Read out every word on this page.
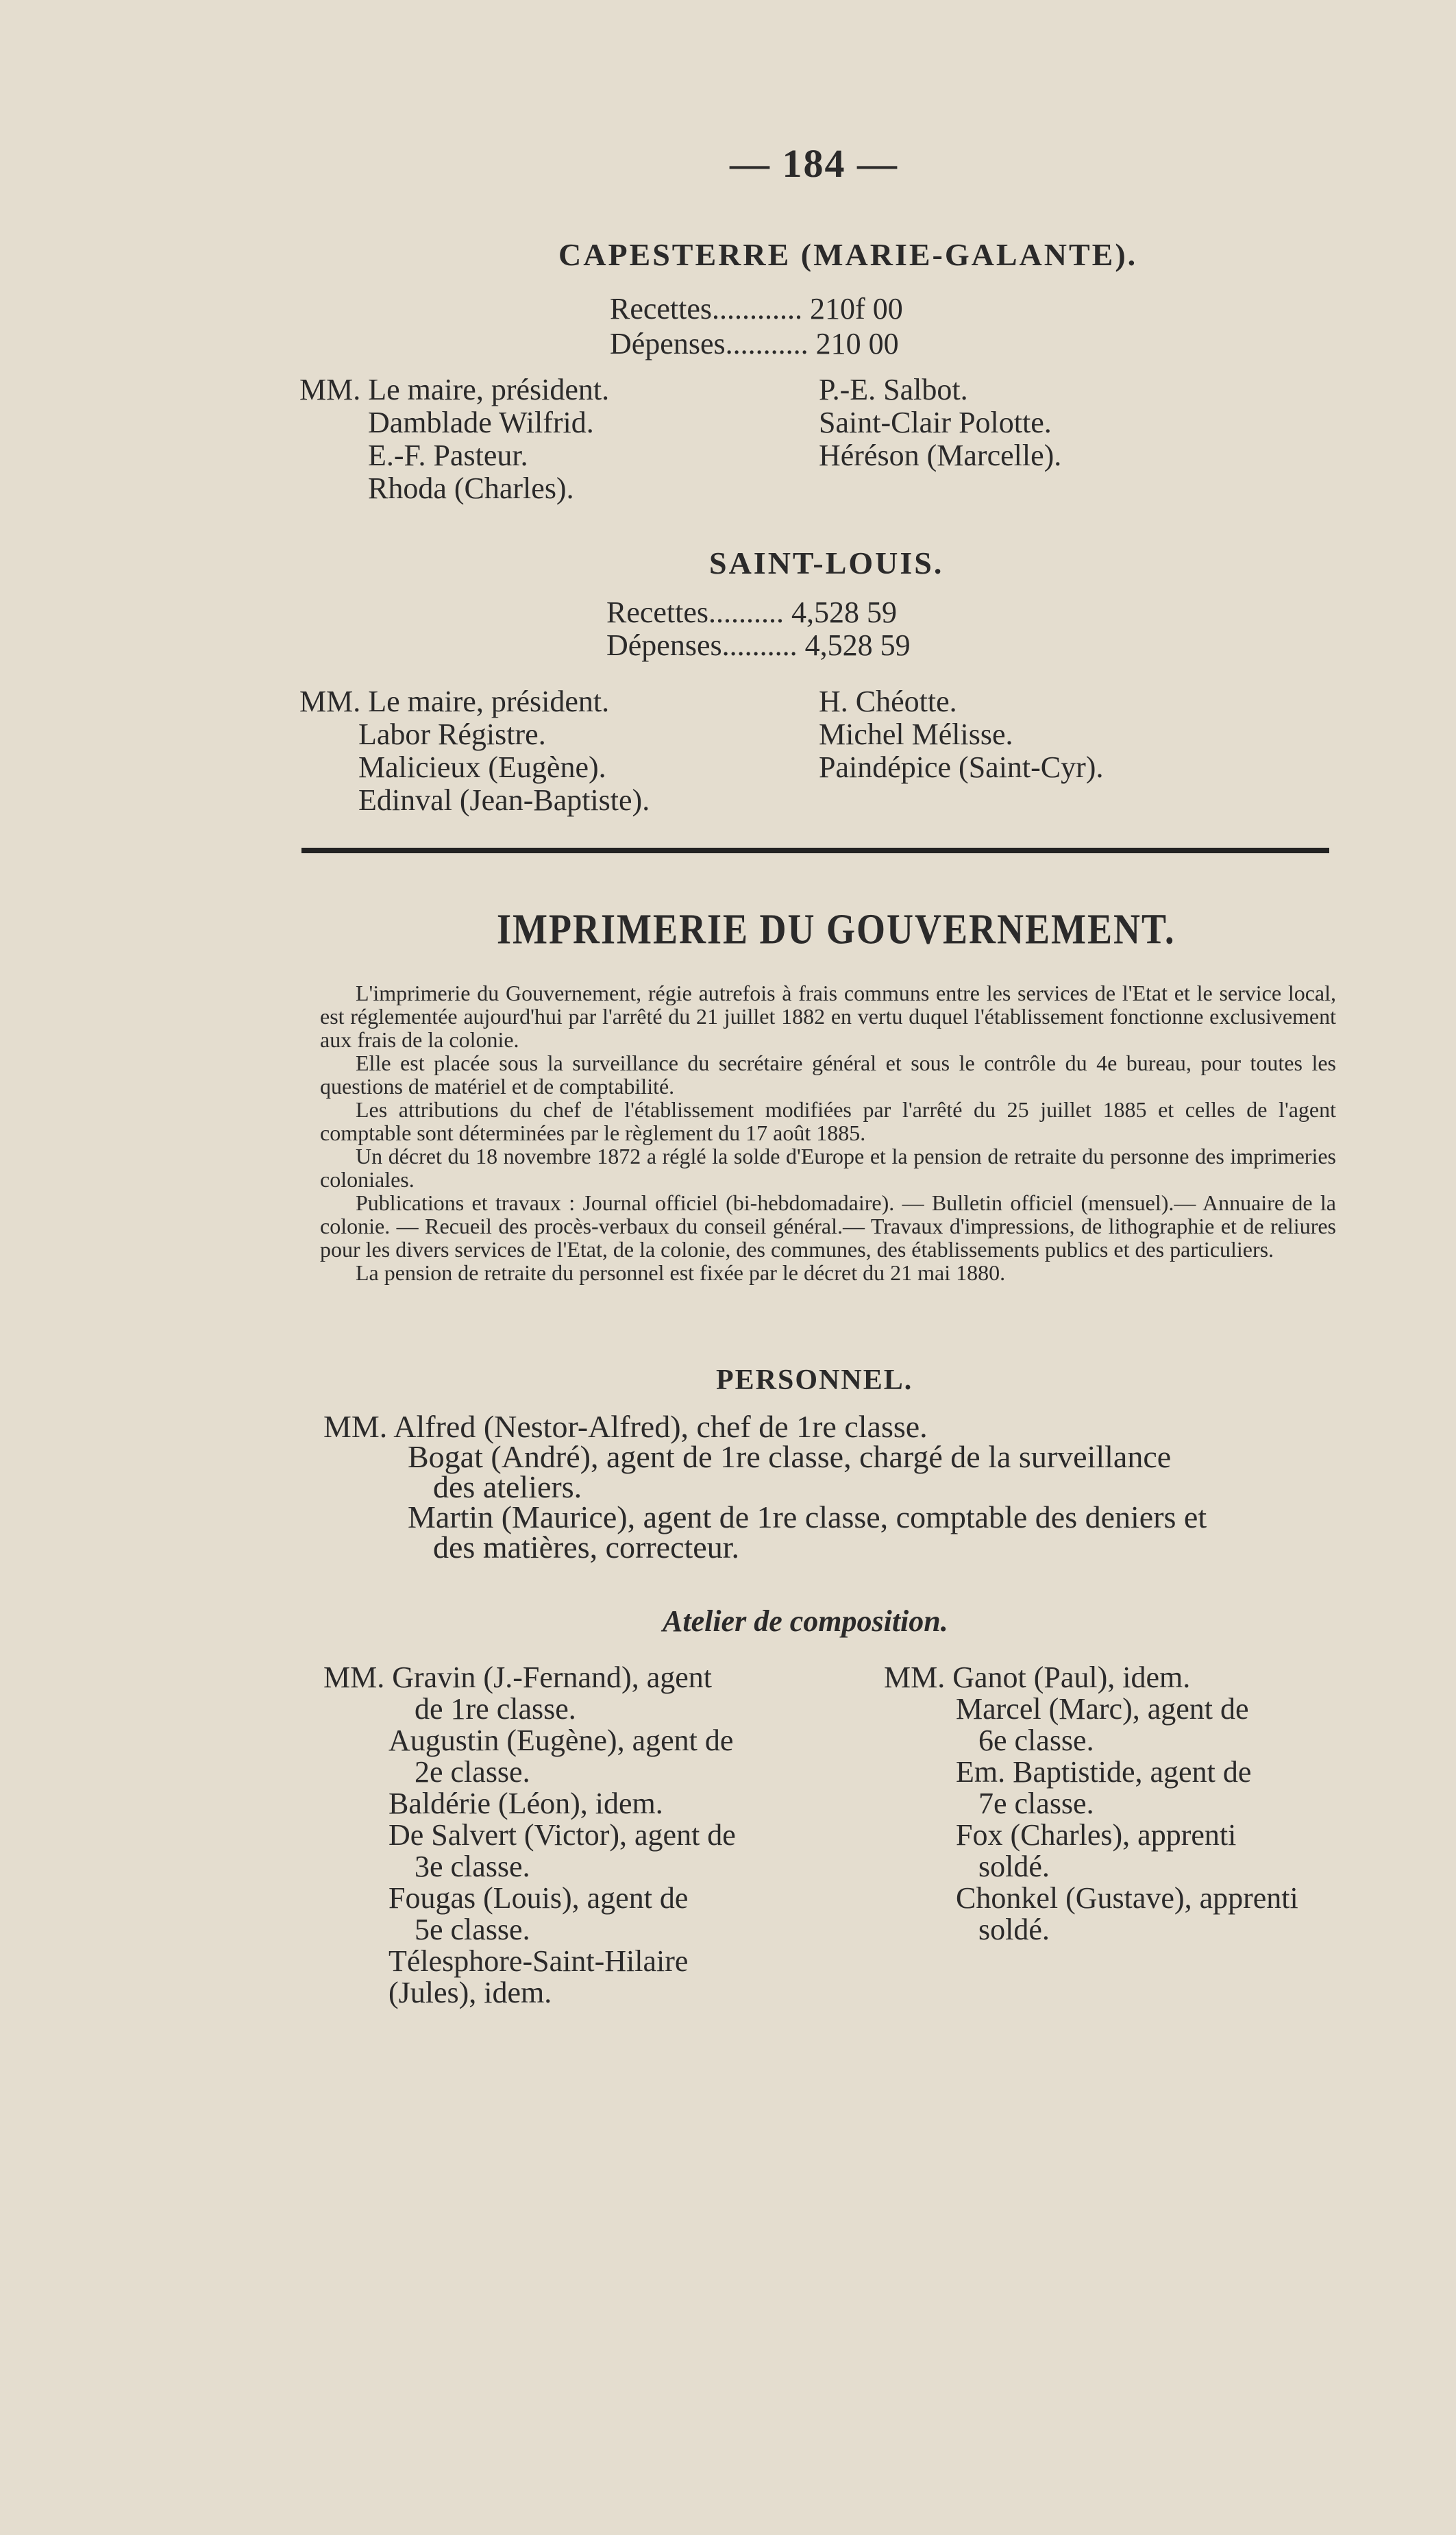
— 184 —
CAPESTERRE (MARIE-GALANTE).
Recettes............ 210f 00
Dépenses........... 210 00
MM. Le maire, président.
Damblade Wilfrid.
E.-F. Pasteur.
Rhoda (Charles).
P.-E. Salbot.
Saint-Clair Polotte.
Héréson (Marcelle).
SAINT-LOUIS.
Recettes.......... 4,528 59
Dépenses.......... 4,528 59
MM. Le maire, président.
Labor Régistre.
Malicieux (Eugène).
Edinval (Jean-Baptiste).
H. Chéotte.
Michel Mélisse.
Paindépice (Saint-Cyr).
IMPRIMERIE DU GOUVERNEMENT.

L'imprimerie du Gouvernement, régie autrefois à frais communs entre les services de l'Etat et le service local, est réglementée aujourd'hui par l'arrêté du 21 juillet 1882 en vertu duquel l'établissement fonctionne exclusivement aux frais de la colonie.

Elle est placée sous la surveillance du secrétaire général et sous le contrôle du 4e bureau, pour toutes les questions de matériel et de comptabilité.

Les attributions du chef de l'établissement modifiées par l'arrêté du 25 juillet 1885 et celles de l'agent comptable sont déterminées par le règlement du 17 août 1885.

Un décret du 18 novembre 1872 a réglé la solde d'Europe et la pension de retraite du personne des imprimeries coloniales.

Publications et travaux : Journal officiel (bi-hebdomadaire). — Bulletin officiel (mensuel).— Annuaire de la colonie. — Recueil des procès-verbaux du conseil général.— Travaux d'impressions, de lithographie et de reliures pour les divers services de l'Etat, de la colonie, des communes, des établissements publics et des particuliers.

La pension de retraite du personnel est fixée par le décret du 21 mai 1880.

PERSONNEL.
MM. Alfred (Nestor-Alfred), chef de 1re classe.
Bogat (André), agent de 1re classe, chargé de la surveillance
des ateliers.
Martin (Maurice), agent de 1re classe, comptable des deniers et
des matières, correcteur.
Atelier de composition.
MM. Gravin (J.-Fernand), agent
de 1re classe.
Augustin (Eugène), agent de
2e classe.
Baldérie (Léon), idem.
De Salvert (Victor), agent de
3e classe.
Fougas (Louis), agent de
5e classe.
Télesphore-Saint-Hilaire
(Jules), idem.
MM. Ganot (Paul), idem.
Marcel (Marc), agent de
6e classe.
Em. Baptistide, agent de
7e classe.
Fox (Charles), apprenti
soldé.
Chonkel (Gustave), apprenti
soldé.
